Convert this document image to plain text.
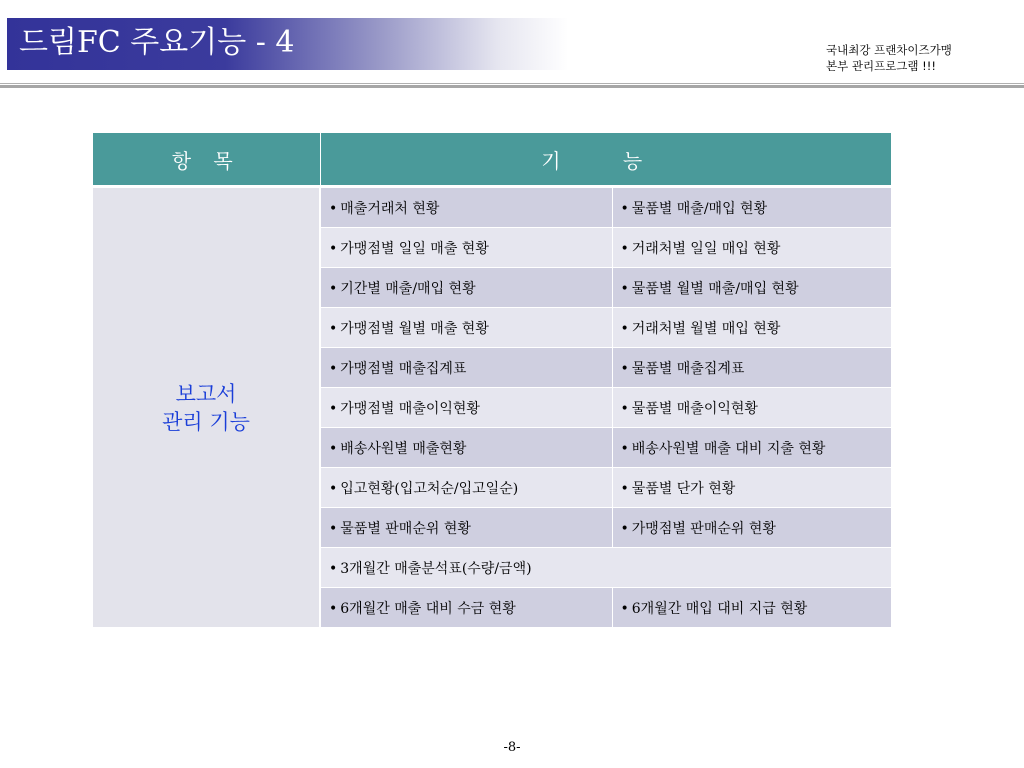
드림FC 주요기능 - 4	국내최강 프랜차이즈가맹
본부 관리프로그램 !!!
항 목	기 능	

보고서
관리 기능	• 매출거래처 현황	• 물품별 매출/매입 현황
	• 가맹점별 일일 매출 현황	• 거래처별 일일 매입 현황
	• 기간별 매출/매입 현황	• 물품별 월별 매출/매입 현황
	• 가맹점별 월별 매출 현황	• 거래처별 월별 매입 현황
	• 가맹점별 매출집계표	• 물품별 매출집계표
	• 가맹점별 매출이익현황	• 물품별 매출이익현황
	• 배송사원별 매출현황	• 배송사원별 매출 대비 지출 현황
	• 입고현황(입고처순/입고일순)	• 물품별 단가 현황
	• 물품별 판매순위 현황	• 가맹점별 판매순위 현황
	• 3개월간 매출분석표(수량/금액)	
	• 6개월간 매출 대비 수금 현황	• 6개월간 매입 대비 지급 현황
-8-
